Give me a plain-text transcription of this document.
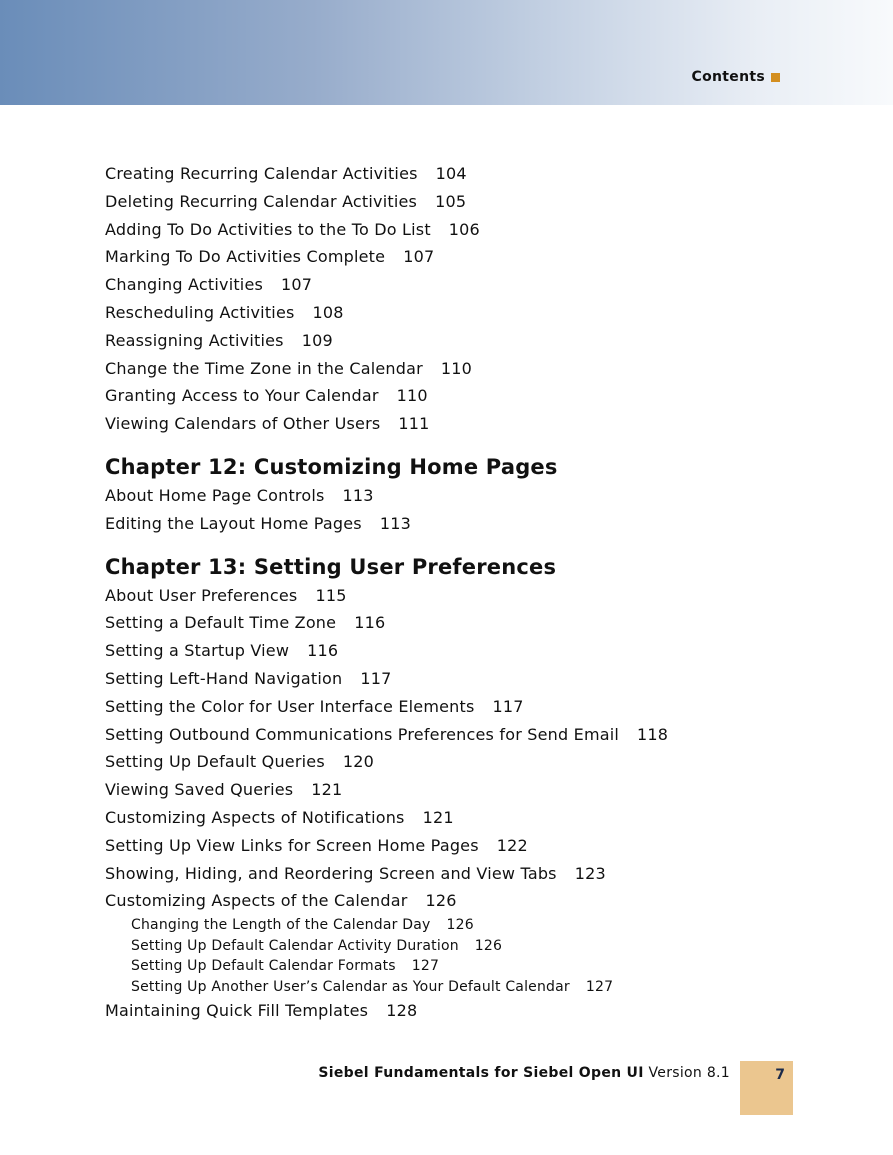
Contents
Creating Recurring Calendar Activities 104
Deleting Recurring Calendar Activities 105
Adding To Do Activities to the To Do List 106
Marking To Do Activities Complete 107
Changing Activities 107
Rescheduling Activities 108
Reassigning Activities 109
Change the Time Zone in the Calendar 110
Granting Access to Your Calendar 110
Viewing Calendars of Other Users 111
Chapter 12: Customizing Home Pages
About Home Page Controls 113
Editing the Layout Home Pages 113
Chapter 13: Setting User Preferences
About User Preferences 115
Setting a Default Time Zone 116
Setting a Startup View 116
Setting Left-Hand Navigation 117
Setting the Color for User Interface Elements 117
Setting Outbound Communications Preferences for Send Email 118
Setting Up Default Queries 120
Viewing Saved Queries 121
Customizing Aspects of Notifications 121
Setting Up View Links for Screen Home Pages 122
Showing, Hiding, and Reordering Screen and View Tabs 123
Customizing Aspects of the Calendar 126
Changing the Length of the Calendar Day 126
Setting Up Default Calendar Activity Duration 126
Setting Up Default Calendar Formats 127
Setting Up Another User’s Calendar as Your Default Calendar 127
Maintaining Quick Fill Templates 128
Siebel Fundamentals for Siebel Open UI Version 8.1	7
